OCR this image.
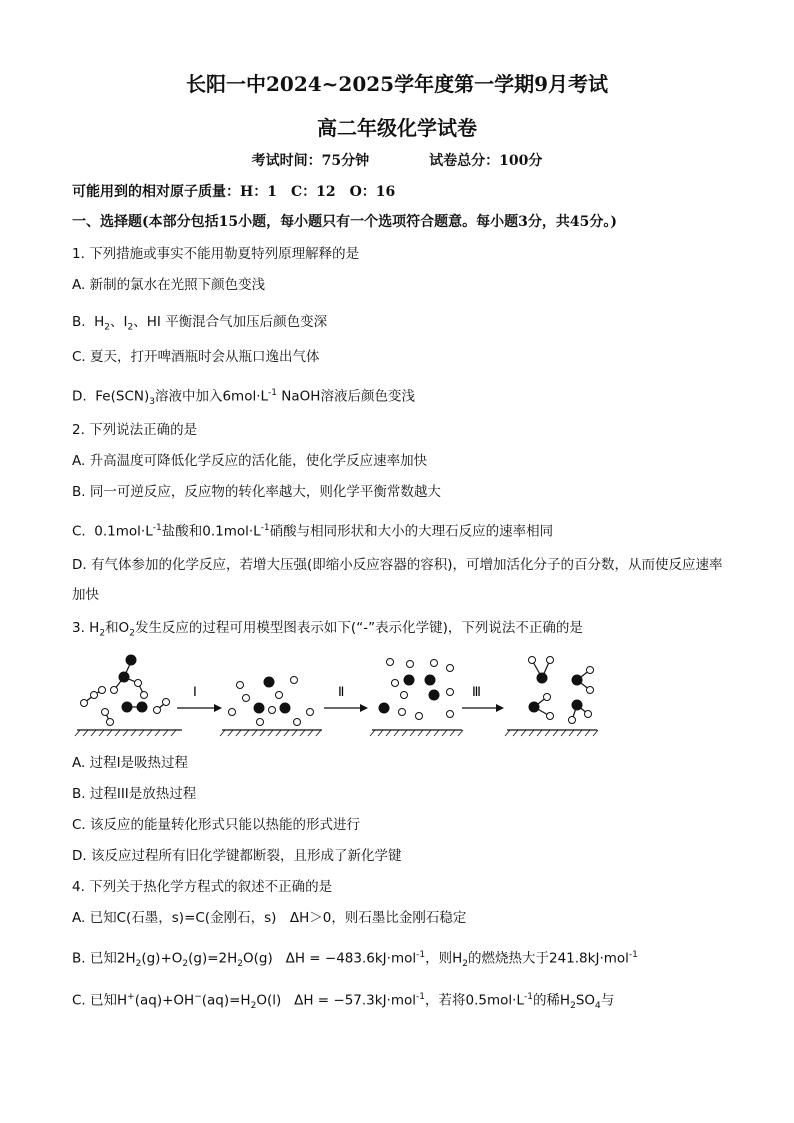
长阳一中2024~2025学年度第一学期9月考试
高二年级化学试卷
考试时间：75分钟	试卷总分：100分
可能用到的相对原子质量：H：1　C：12　O：16
一、选择题(本部分包括15小题，每小题只有一个选项符合题意。每小题3分，共45分。)
1. 下列措施或事实不能用勒夏特列原理解释的是
A. 新制的氯水在光照下颜色变浅
B.  $H_2$、$I_2$、HI 平衡混合气加压后颜色变深
C. 夏天，打开啤酒瓶时会从瓶口逸出气体
D.  $Fe(SCN)_3$溶液中加入$6mol\cdot L^{-1}$ NaOH溶液后颜色变浅
2. 下列说法正确的是
A. 升高温度可降低化学反应的活化能，使化学反应速率加快
B. 同一可逆反应，反应物的转化率越大，则化学平衡常数越大
C.  $0.1mol\cdot L^{-1}$盐酸和$0.1mol\cdot L^{-1}$硝酸与相同形状和大小的大理石反应的速率相同
D. 有气体参加的化学反应，若增大压强(即缩小反应容器的容积)，可增加活化分子的百分数，从而使反应速率加快
3. $H_2$和$O_2$发生反应的过程可用模型图表示如下(“-”表示化学键)，下列说法不正确的是
Ⅰ	Ⅱ	Ⅲ
A. 过程Ⅰ是吸热过程
B. 过程III是放热过程
C. 该反应的能量转化形式只能以热能的形式进行
D. 该反应过程所有旧化学键都断裂，且形成了新化学键
4. 下列关于热化学方程式的叙述不正确的是
A. 已知C(石墨，s)=C(金刚石，s)　ΔH＞0，则石墨比金刚石稳定
B. 已知$2H_2(g)+O_2(g)=2H_2O(g) \Delta H = -483.6kJ\cdot mol^{-1}$，则$H_2$的燃烧热大于241.8kJ·mol$^{-1}$
C. 已知$H^+(aq)+OH^-(aq)=H_2O(l) \Delta H = -57.3kJ\cdot mol^{-1}$，若将$0.5mol\cdot L^{-1}$的稀$H_2SO_4$与
